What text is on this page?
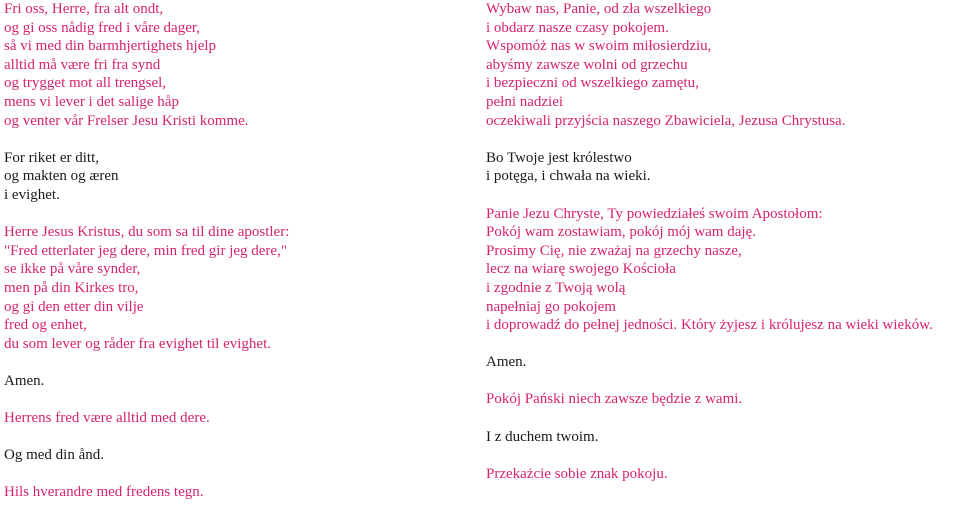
Fri oss, Herre, fra alt ondt,
og gi oss nådig fred i våre dager,
så vi med din barmhjertighets hjelp
alltid må være fri fra synd
og trygget mot all trengsel,
mens vi lever i det salige håp
og venter vår Frelser Jesu Kristi komme.
For riket er ditt,
og makten og æren
i evighet.
Herre Jesus Kristus, du som sa til dine apostler:
"Fred etterlater jeg dere, min fred gir jeg dere,"
se ikke på våre synder,
men på din Kirkes tro,
og gi den etter din vilje
fred og enhet,
du som lever og råder fra evighet til evighet.
Amen.
Herrens fred være alltid med dere.
Og med din ånd.
Hils hverandre med fredens tegn.
Wybaw nas, Panie, od zła wszelkiego
i obdarz nasze czasy pokojem.
Wspomóż nas w swoim miłosierdziu,
abyśmy zawsze wolni od grzechu
i bezpieczni od wszelkiego zamętu,
pełni nadziei
oczekiwali przyjścia naszego Zbawiciela, Jezusa Chrystusa.
Bo Twoje jest królestwo
i potęga, i chwała na wieki.
Panie Jezu Chryste, Ty powiedziałeś swoim Apostołom:
Pokój wam zostawiam, pokój mój wam daję.
Prosimy Cię, nie zważaj na grzechy nasze,
lecz na wiarę swojego Kościoła
i zgodnie z Twoją wolą
napełniaj go pokojem
i doprowadź do pełnej jedności. Który żyjesz i królujesz na wieki wieków.
Amen.
Pokój Pański niech zawsze będzie z wami.
I z duchem twoim.
Przekażcie sobie znak pokoju.
